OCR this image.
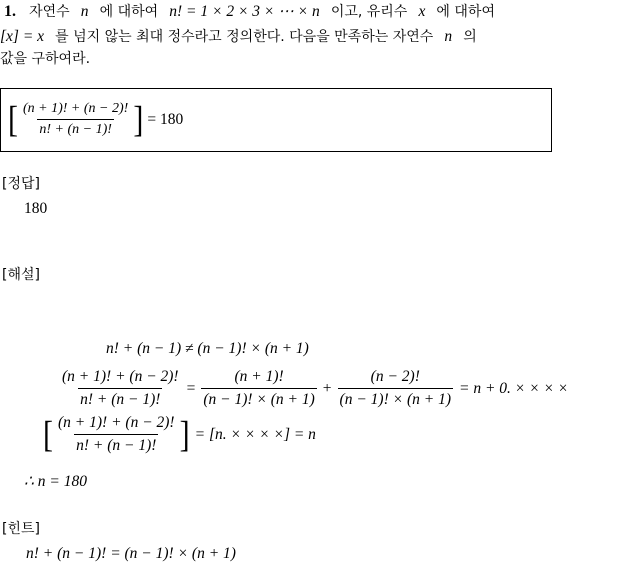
1. 자연수 n 에 대하여 n! = 1 × 2 × 3 × ⋯ × n 이고, 유리수 x 에 대하여
[x] = x 를 넘지 않는 최대 정수라고 정의한다. 다음을 만족하는 자연수 n 의
값을 구하여라.
[ $\frac{(n + 1)! + (n - 2)!}{n! + (n - 1)!}$ ] = 180
[정답]
180
[해설]
n! + (n − 1) ≠ (n − 1)! × (n + 1)
$\frac{(n + 1)! + (n - 2)!}{n! + (n - 1)!} = \frac{(n + 1)!}{(n - 1)! \times (n + 1)} + \frac{(n - 2)!}{(n - 1)! \times (n + 1)} = n + 0$. × × × ×
[ $\frac{(n + 1)! + (n - 2)!}{n! + (n - 1)!}$ ] = [n. × × × ×] = n
∴ n = 180
[힌트]
n! + (n − 1)! = (n − 1)! × (n + 1)
